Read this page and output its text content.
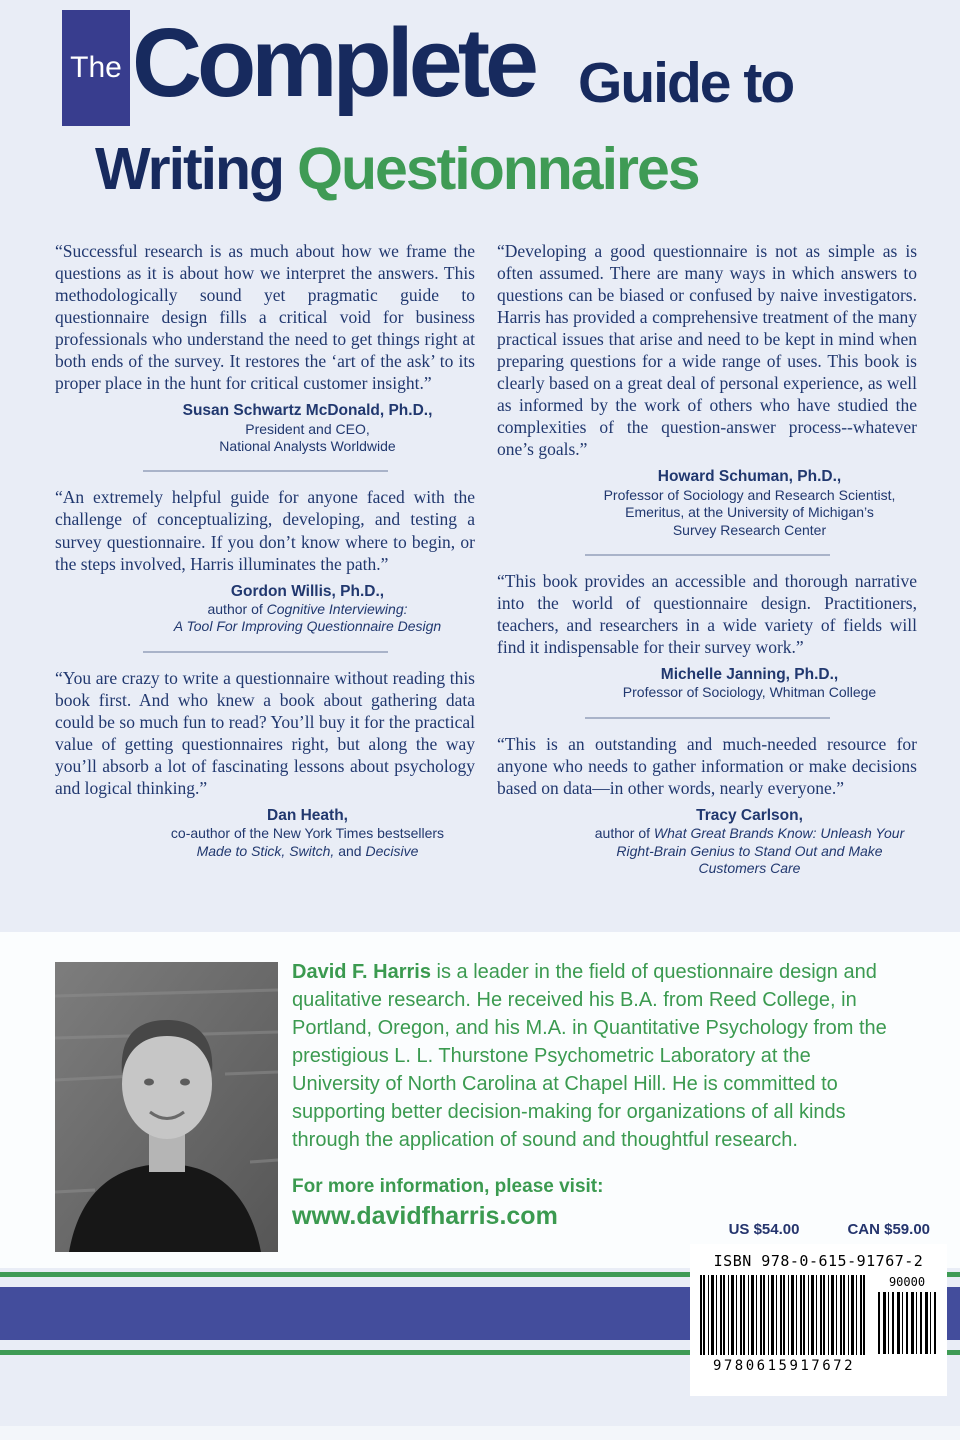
The Complete Guide to
Writing Questionnaires

“Successful research is as much about how we frame the questions as it is about how we interpret the answers. This methodologically sound yet pragmatic guide to questionnaire design fills a critical void for business professionals who understand the need to get things right at both ends of the survey. It restores the ‘art of the ask’ to its proper place in the hunt for critical customer insight.”

Susan Schwartz McDonald, Ph.D.,
President and CEO,
National Analysts Worldwide

“An extremely helpful guide for anyone faced with the challenge of conceptualizing, developing, and testing a survey questionnaire. If you don’t know where to begin, or the steps involved, Harris illuminates the path.”

Gordon Willis, Ph.D.,
author of Cognitive Interviewing:
A Tool For Improving Questionnaire Design

“You are crazy to write a questionnaire without reading this book first. And who knew a book about gathering data could be so much fun to read? You’ll buy it for the practical value of getting questionnaires right, but along the way you’ll absorb a lot of fascinating lessons about psychology and logical thinking.”

Dan Heath,
co-author of the New York Times bestsellers
Made to Stick, Switch, and Decisive

“Developing a good questionnaire is not as simple as is often assumed. There are many ways in which answers to questions can be biased or confused by naive investigators. Harris has provided a comprehensive treatment of the many practical issues that arise and need to be kept in mind when preparing questions for a wide range of uses. This book is clearly based on a great deal of personal experience, as well as informed by the work of others who have studied the complexities of the question-answer process--whatever one’s goals.”

Howard Schuman, Ph.D.,
Professor of Sociology and Research Scientist,
Emeritus, at the University of Michigan’s
Survey Research Center

“This book provides an accessible and thorough narrative into the world of questionnaire design. Practitioners, teachers, and researchers in a wide variety of fields will find it indispensable for their survey work.”

Michelle Janning, Ph.D.,
Professor of Sociology, Whitman College

“This is an outstanding and much-needed resource for anyone who needs to gather information or make decisions based on data—in other words, nearly everyone.”

Tracy Carlson,
author of What Great Brands Know: Unleash Your Right-Brain Genius to Stand Out and Make Customers Care

David F. Harris is a leader in the field of questionnaire design and qualitative research. He received his B.A. from Reed College, in Portland, Oregon, and his M.A. in Quantitative Psychology from the prestigious L. L. Thurstone Psychometric Laboratory at the University of North Carolina at Chapel Hill. He is committed to supporting better decision-making for organizations of all kinds through the application of sound and thoughtful research.

For more information, please visit:

www.davidfharris.com	US $54.00	CAN $59.00
ISBN 978-0-615-91767-2
9780615917672
90000
